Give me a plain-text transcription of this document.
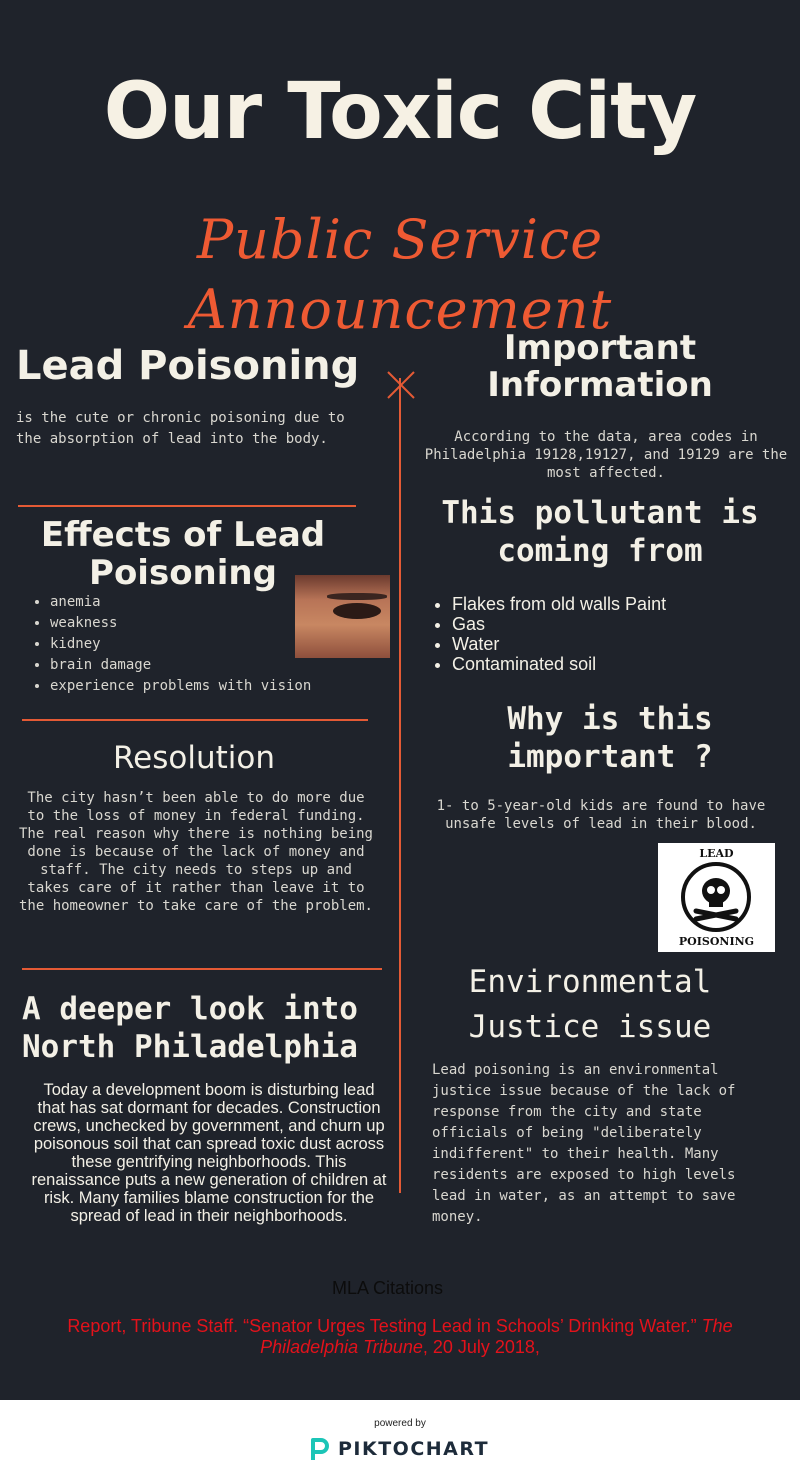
Our Toxic City
Public Service Announcement
Lead Poisoning
is the cute or chronic poisoning due to the absorption of lead into the body.
Effects of Lead Poisoning
• anemia
• weakness
• kidney
• brain damage
• experience problems with vision
Resolution
The city hasn’t been able to do more due to the loss of money in federal funding. The real reason why there is nothing being done is because of the lack of money and staff. The city needs to steps up and takes care of it rather than leave it to the homeowner to take care of the problem.
A deeper look into North Philadelphia
Today a development boom is disturbing lead that has sat dormant for decades. Construction crews, unchecked by government, and churn up poisonous soil that can spread toxic dust across these gentrifying neighborhoods. This renaissance puts a new generation of children at risk. Many families blame construction for the spread of lead in their neighborhoods.
Important Information
According to the data, area codes in Philadelphia 19128,19127, and 19129 are the most affected.
This pollutant is coming from
• Flakes from old walls Paint
• Gas
• Water
• Contaminated soil
Why is this important ?
1- to 5-year-old kids are found to have unsafe levels of lead in their blood.
LEAD
POISONING
Environmental Justice issue
Lead poisoning is an environmental justice issue because of the lack of response from the city and state officials of being "deliberately indifferent" to their health. Many residents are exposed to high levels lead in water, as an attempt to save money.
MLA Citations
Report, Tribune Staff. “Senator Urges Testing Lead in Schools’ Drinking Water.” The Philadelphia Tribune, 20 July 2018,
powered by
PIKTOCHART
